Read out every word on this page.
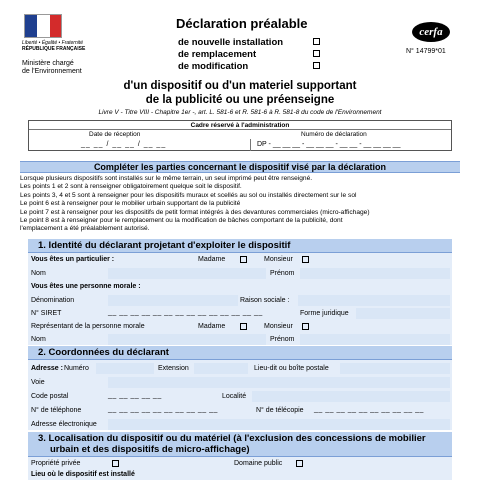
Liberté • Égalité • Fraternité
RÉPUBLIQUE FRANÇAISE
Ministère chargé
de l'Environnement
Déclaration préalable
de nouvelle installation
de remplacement
de modification
cerfa
N° 14799*01
d'un dispositif ou d'un materiel supportant
de la publicité ou une préenseigne
Livre V - Titre VIII - Chapitre 1er -, art. L. 581-6 et R. 581-6 à R. 581-8 du code de l'Environnement
Cadre réservé à l'administration
Date de réception
__ __ / __ __ / __ __
Numéro de déclaration
DP - __ __ __ - __ __ __ - __ __ - __ __ __ __
Compléter les parties concernant le dispositif visé par la déclaration
Lorsque plusieurs dispositifs sont installés sur le même terrain, un seul imprimé peut être renseigné.
Les points 1 et 2 sont à renseigner obligatoirement quelque soit le dispositif.
Les points 3, 4 et 5 sont à renseigner pour les dispositifs muraux et scellés au sol ou installés directement sur le sol
Le point 6 est à renseigner pour le mobilier urbain supportant de la publicité
Le point 7 est à renseigner pour les dispositifs de petit format intégrés à des devantures commerciales (micro-affichage)
Le point 8 est à renseigner pour le remplacement ou la modification de bâches comportant de la publicité, dont
l'emplacement a été préalablement autorisé.
1. Identité du déclarant projetant d'exploiter le dispositif
Vous êtes un particulier :	Madame	Monsieur
Nom	Prénom
Vous êtes une personne morale :
Dénomination	Raison sociale :
N° SIRET	__ __ __ __ __ __ __ __ __ __ __ __ __ __	Forme juridique
Représentant de la personne morale	Madame	Monsieur
Nom	Prénom
2. Coordonnées du déclarant
Adresse : Numéro	Extension	Lieu-dit ou boîte postale
Voie
Code postal	__ __ __ __ __	Localité
N° de téléphone	__ __ __ __ __ __ __ __ __ __	N° de télécopie __ __ __ __ __ __ __ __ __ __
Adresse électronique
3. Localisation du dispositif ou du matériel (à l'exclusion des concessions de mobilier
urbain et des dispositifs de micro-affichage)
Propriété privée	Domaine public
Lieu où le dispositif est installé
